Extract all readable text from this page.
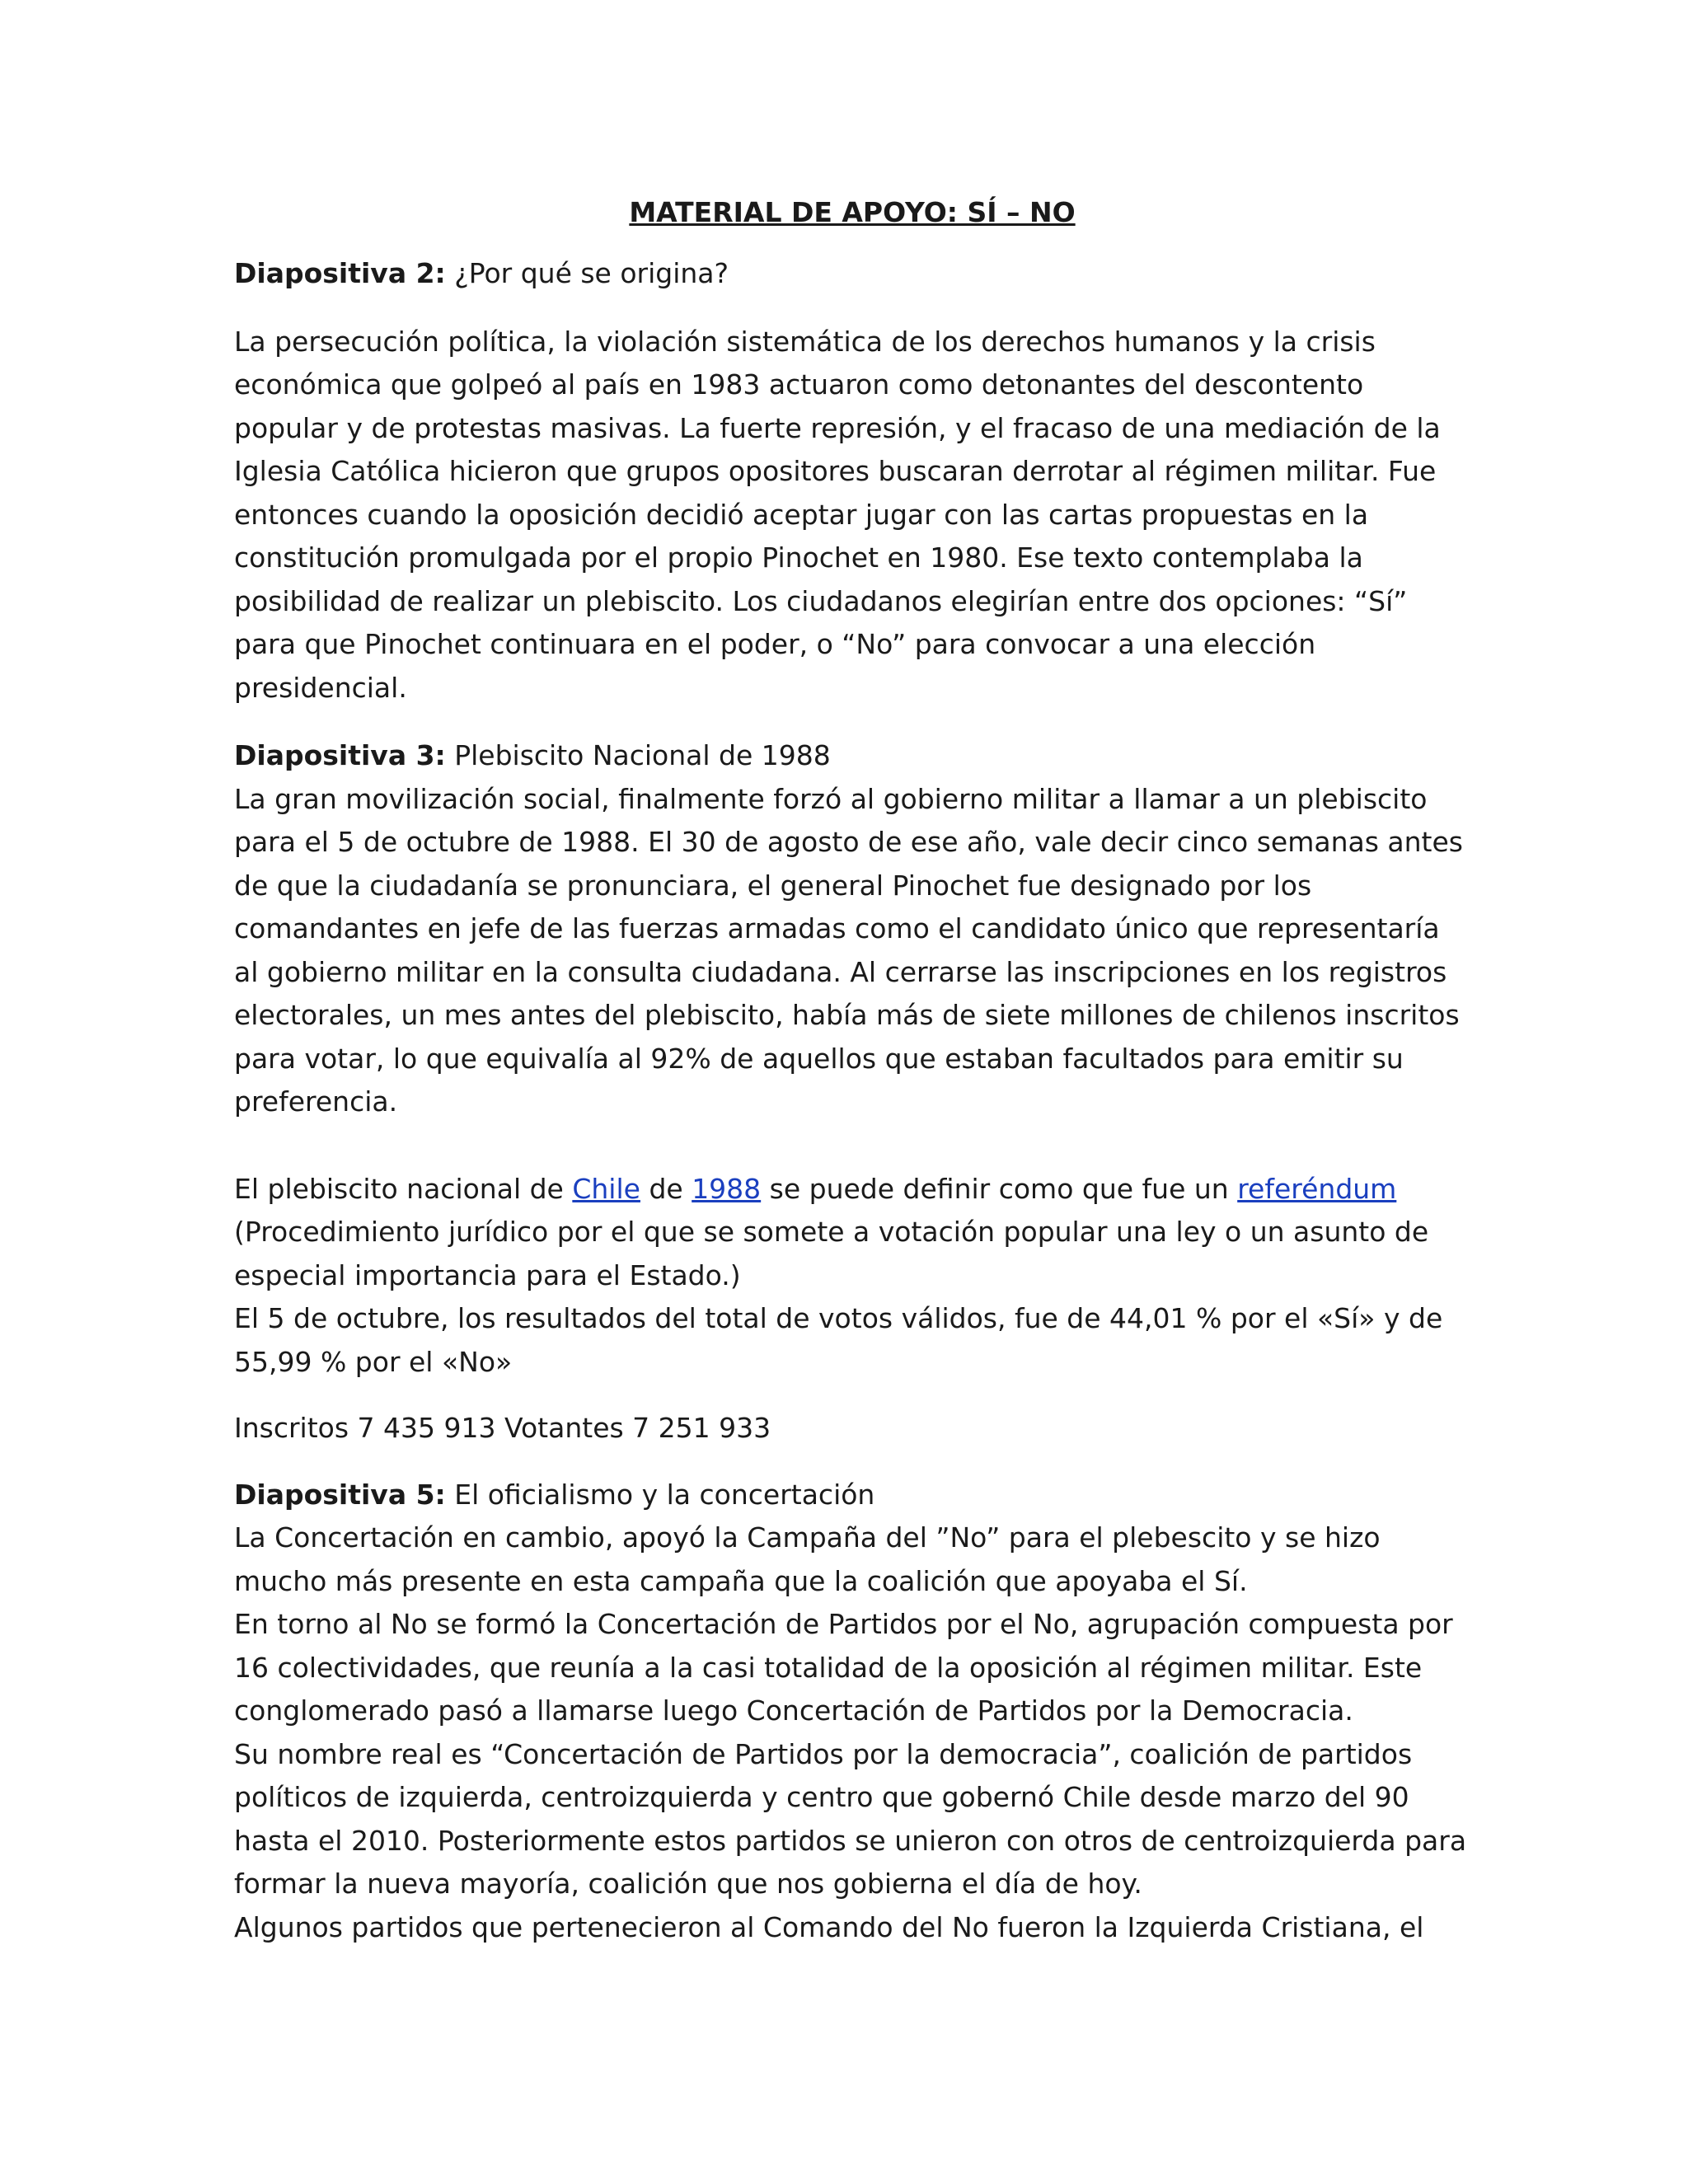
MATERIAL DE APOYO: SÍ – NO

Diapositiva 2: ¿Por qué se origina?

La persecución política, la violación sistemática de los derechos humanos y la crisis económica que golpeó al país en 1983 actuaron como detonantes del descontento popular y de protestas masivas. La fuerte represión, y el fracaso de una mediación de la Iglesia Católica hicieron que grupos opositores buscaran derrotar al régimen militar. Fue entonces cuando la oposición decidió aceptar jugar con las cartas propuestas en la constitución promulgada por el propio Pinochet en 1980. Ese texto contemplaba la posibilidad de realizar un plebiscito. Los ciudadanos elegirían entre dos opciones: “Sí” para que Pinochet continuara en el poder, o “No” para convocar a una elección presidencial.

Diapositiva 3: Plebiscito Nacional de 1988

La gran movilización social, finalmente forzó al gobierno militar a llamar a un plebiscito para el 5 de octubre de 1988. El 30 de agosto de ese año, vale decir cinco semanas antes de que la ciudadanía se pronunciara, el general Pinochet fue designado por los comandantes en jefe de las fuerzas armadas como el candidato único que representaría al gobierno militar en la consulta ciudadana. Al cerrarse las inscripciones en los registros electorales, un mes antes del plebiscito, había más de siete millones de chilenos inscritos para votar, lo que equivalía al 92% de aquellos que estaban facultados para emitir su preferencia.

El plebiscito nacional de Chile de 1988 se puede definir como que fue un referéndum (Procedimiento jurídico por el que se somete a votación popular una ley o un asunto de especial importancia para el Estado.)

El 5 de octubre, los resultados del total de votos válidos, fue de 44,01 % por el «Sí» y de 55,99 % por el «No»

Inscritos 7 435 913 Votantes 7 251 933

Diapositiva 5: El oficialismo y la concertación

La Concertación en cambio, apoyó la Campaña del ”No” para el plebescito y se hizo mucho más presente en esta campaña que la coalición que apoyaba el Sí.

En torno al No se formó la Concertación de Partidos por el No, agrupación compuesta por 16 colectividades, que reunía a la casi totalidad de la oposición al régimen militar. Este conglomerado pasó a llamarse luego Concertación de Partidos por la Democracia.

Su nombre real es “Concertación de Partidos por la democracia”, coalición de partidos políticos de izquierda, centroizquierda y centro que gobernó Chile desde marzo del 90 hasta el 2010. Posteriormente estos partidos se unieron con otros de centroizquierda para formar la nueva mayoría, coalición que nos gobierna el día de hoy.

Algunos partidos que pertenecieron al Comando del No fueron la Izquierda Cristiana, el
